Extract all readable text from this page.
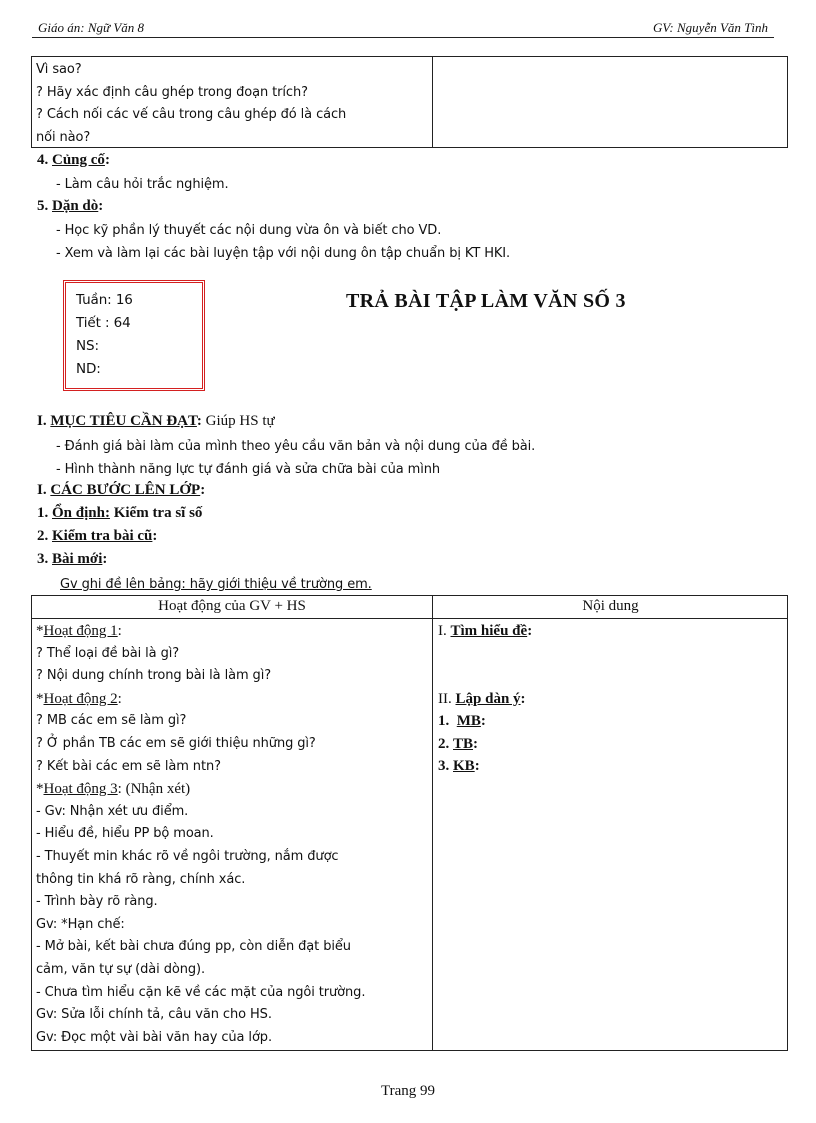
Giáo án: Ngữ Văn 8	GV: Nguyễn Văn Tình
Vì sao?
? Hãy xác định câu ghép trong đoạn trích?
? Cách nối các vế câu trong câu ghép đó là cách
nối nào?
4. Củng cố:
- Làm câu hỏi trắc nghiệm.
5. Dặn dò:
- Học kỹ phần lý thuyết các nội dung vừa ôn và biết cho VD.
- Xem và làm lại các bài luyện tập với nội dung ôn tập chuẩn bị KT HKI.
Tuần: 16
Tiết : 64
NS:
ND:
TRẢ BÀI TẬP LÀM VĂN SỐ 3
I. MỤC TIÊU CẦN ĐẠT: Giúp HS tự
- Đánh giá bài làm của mình theo yêu cầu văn bản và nội dung của đề bài.
- Hình thành năng lực tự đánh giá và sửa chữa bài của mình
I. CÁC BƯỚC LÊN LỚP:
1. Ổn định: Kiểm tra sĩ số
2. Kiểm tra bài cũ:
3. Bài mới:
Gv ghi đề lên bảng: hãy giới thiệu về trường em.
Hoạt động của GV + HS	Nội dung
*Hoạt động 1:
? Thể loại đề bài là gì?
? Nội dung chính trong bài là làm gì?
*Hoạt động 2:
? MB các em sẽ làm gì?
? Ở phần TB các em sẽ giới thiệu những gì?
? Kết bài các em sẽ làm ntn?
*Hoạt động 3: (Nhận xét)
- Gv: Nhận xét ưu điểm.
- Hiểu đề, hiểu PP bộ moan.
- Thuyết min khác rõ về ngôi trường, nắm được
thông tin khá rõ ràng, chính xác.
- Trình bày rõ ràng.
Gv: *Hạn chế:
- Mở bài, kết bài chưa đúng pp, còn diễn đạt biểu
cảm, văn tự sự (dài dòng).
- Chưa tìm hiểu cặn kẽ về các mặt của ngôi trường.
Gv: Sửa lỗi chính tả, câu văn cho HS.
Gv: Đọc một vài bài văn hay của lớp.
I. Tìm hiểu đề:
II. Lập dàn ý:
1. MB:
2. TB:
3. KB:
Trang 99
